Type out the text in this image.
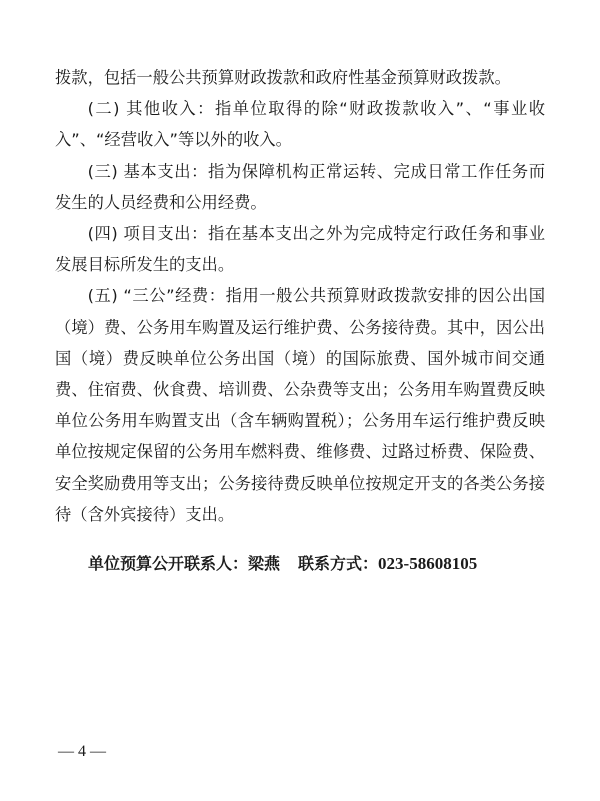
拨款，包括一般公共预算财政拨款和政府性基金预算财政拨款。

(二) 其他收入：指单位取得的除“财政拨款收入”、“事业收入”、“经营收入”等以外的收入。

(三) 基本支出：指为保障机构正常运转、完成日常工作任务而发生的人员经费和公用经费。

(四) 项目支出：指在基本支出之外为完成特定行政任务和事业发展目标所发生的支出。

(五) “三公”经费：指用一般公共预算财政拨款安排的因公出国（境）费、公务用车购置及运行维护费、公务接待费。其中，因公出国（境）费反映单位公务出国（境）的国际旅费、国外城市间交通费、住宿费、伙食费、培训费、公杂费等支出；公务用车购置费反映单位公务用车购置支出（含车辆购置税）；公务用车运行维护费反映单位按规定保留的公务用车燃料费、维修费、过路过桥费、保险费、安全奖励费用等支出；公务接待费反映单位按规定开支的各类公务接待（含外宾接待）支出。

单位预算公开联系人：梁燕 联系方式：023-58608105
— 4 —
